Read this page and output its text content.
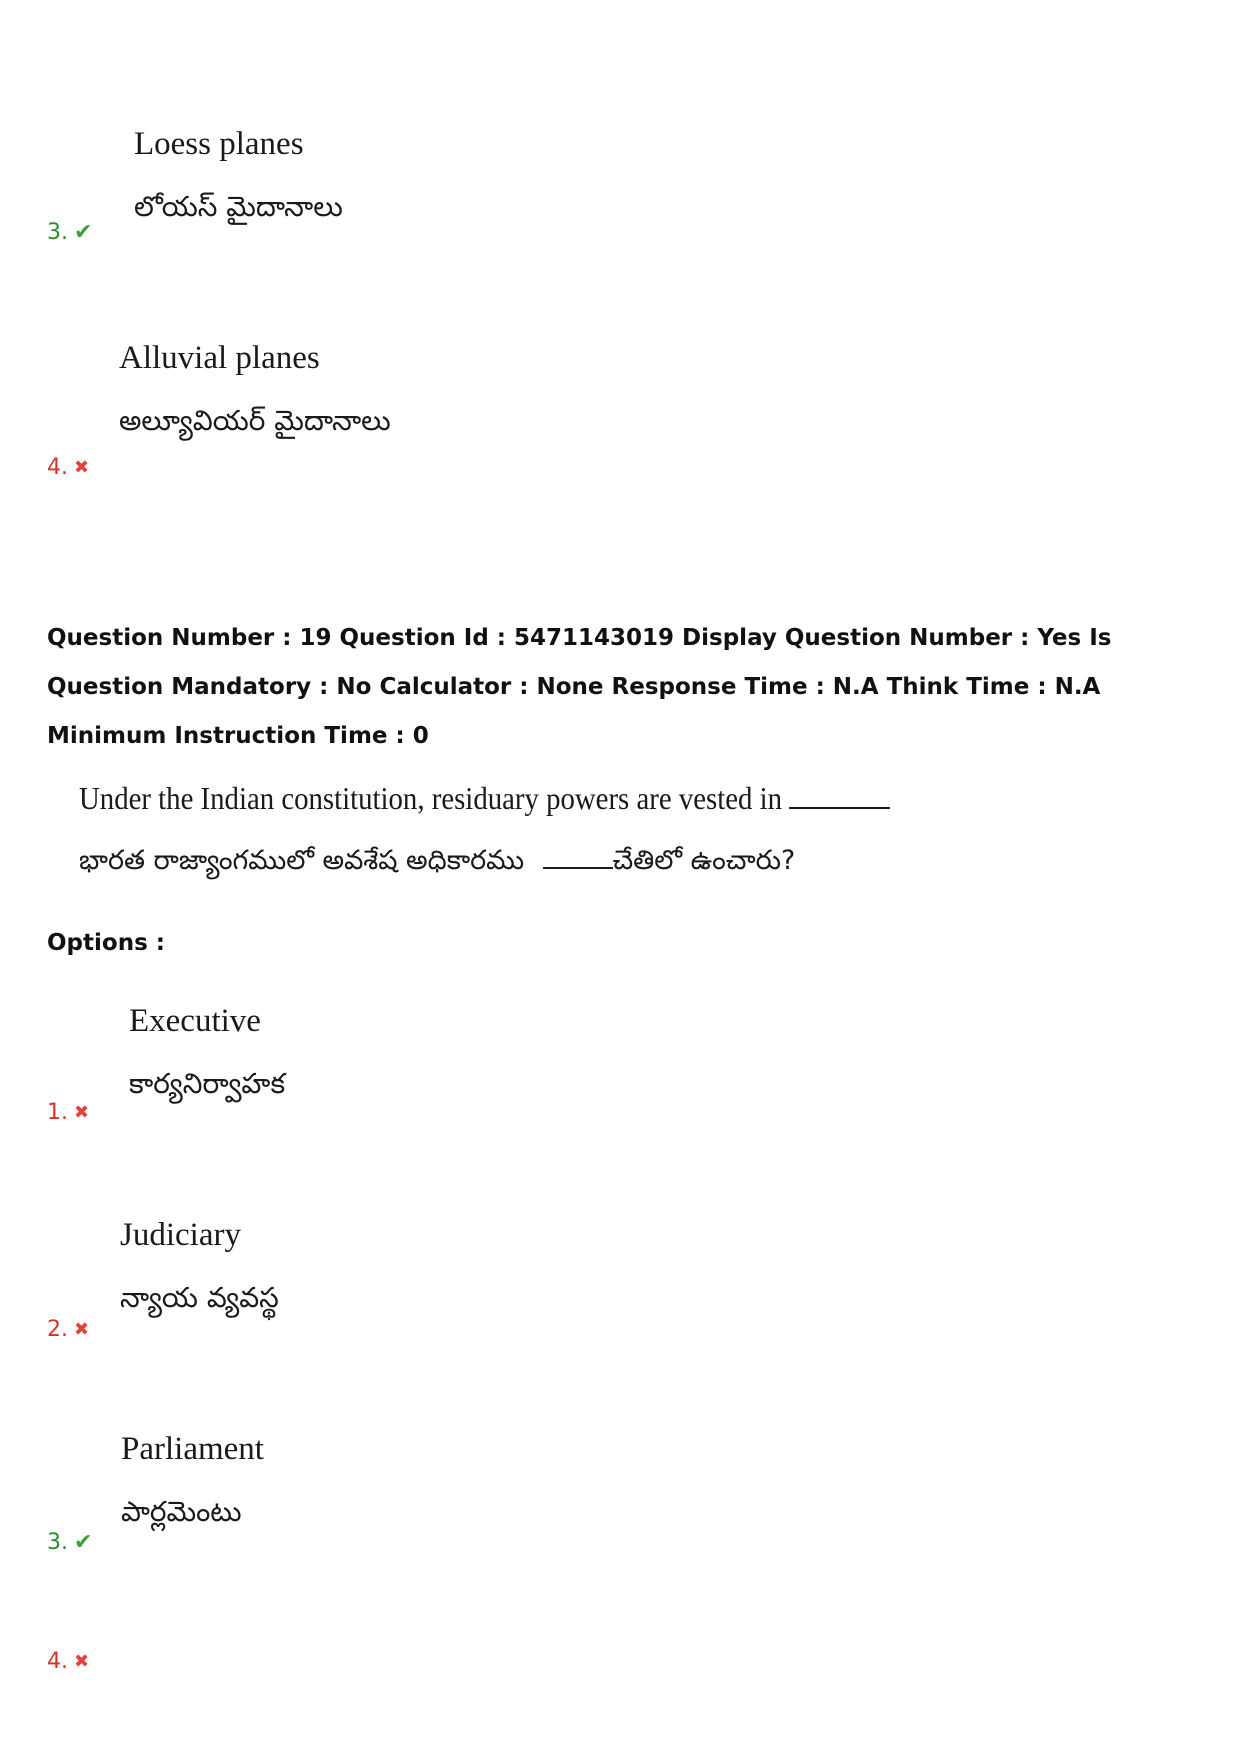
Loess planes
లోయస్ మైదానాలు
3. ✔
Alluvial planes
అల్యూవియర్ మైదానాలు
4. ✖
Question Number : 19 Question Id : 5471143019 Display Question Number : Yes Is Question Mandatory : No Calculator : None Response Time : N.A Think Time : N.A Minimum Instruction Time : 0
Under the Indian constitution, residuary powers are vested in
భారత రాజ్యాంగములో అవశేష అధికారము	చేతిలో ఉంచారు?
Options :
Executive
కార్యనిర్వాహక
1. ✖
Judiciary
న్యాయ వ్యవస్థ
2. ✖
Parliament
పార్లమెంటు
3. ✔
4. ✖
